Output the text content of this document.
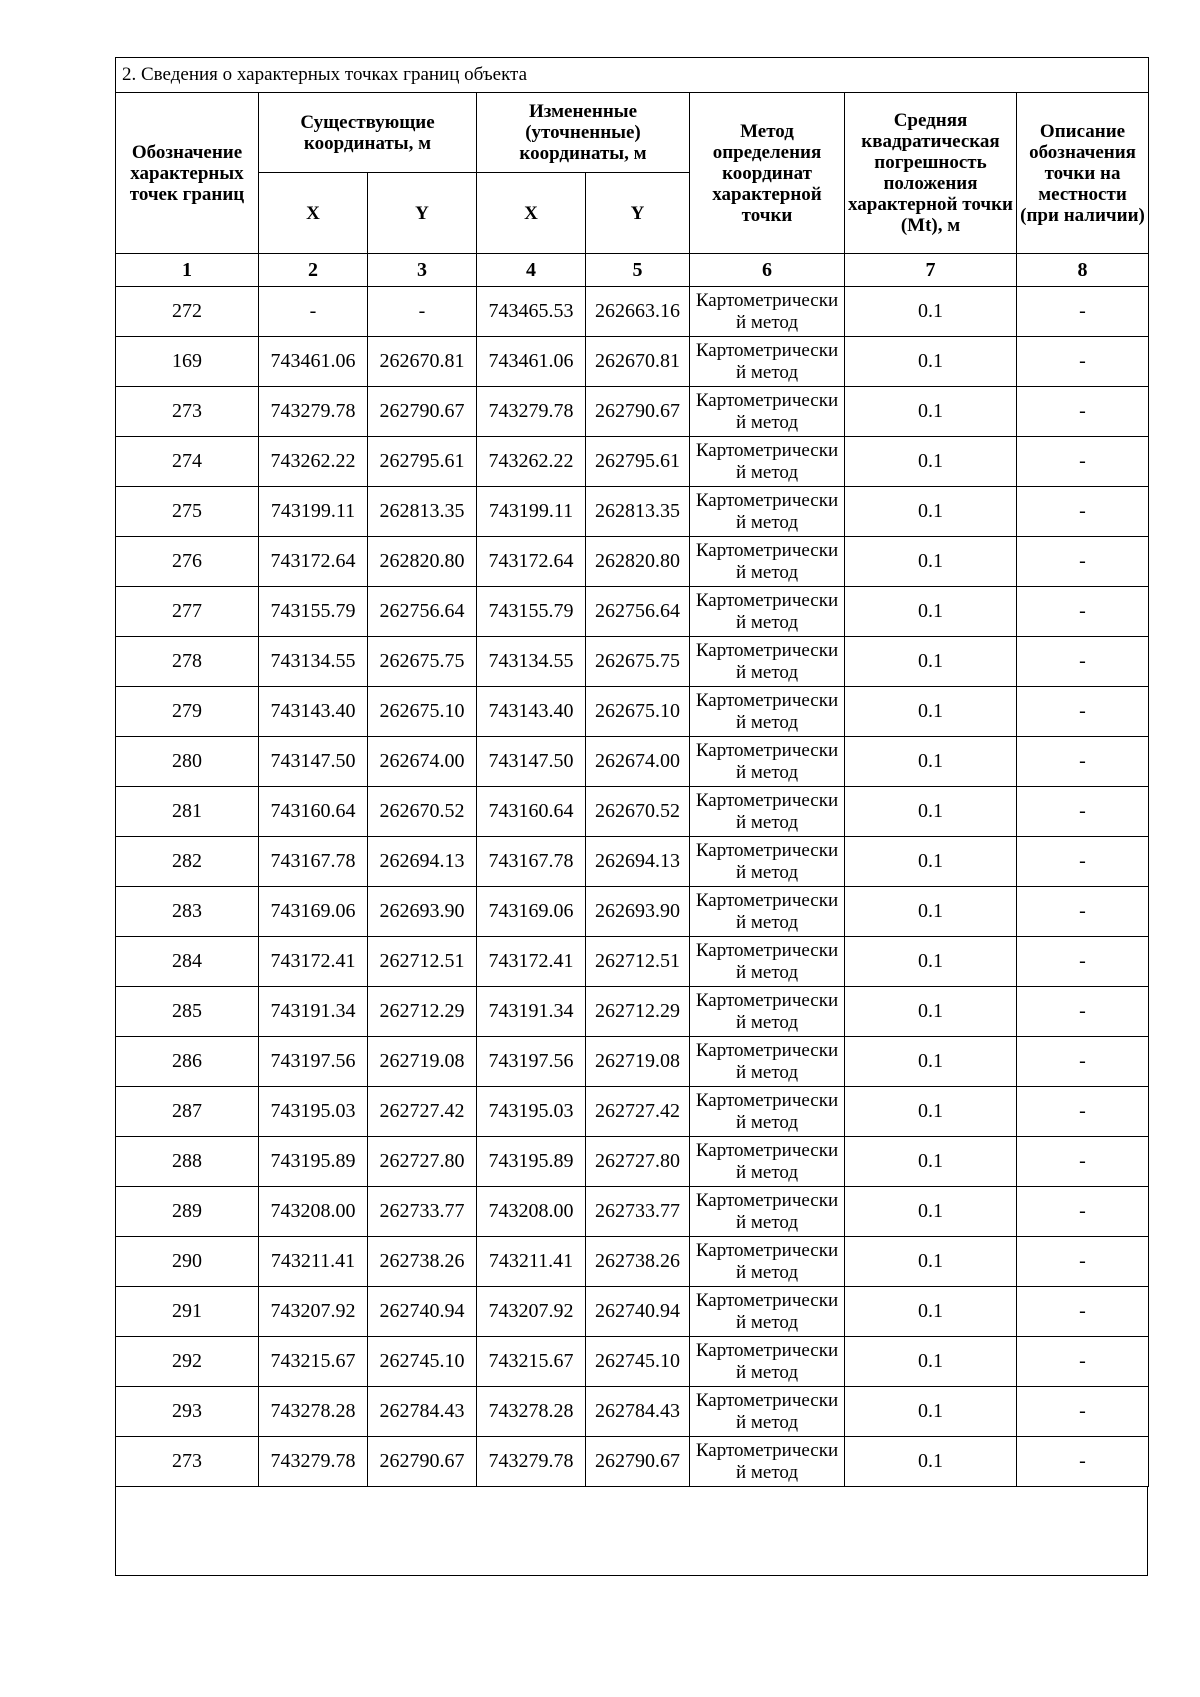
2. Сведения о характерных точках границ объекта							
Обозначение характерных точек границ	Существующие координаты, м		Измененные (уточненные) координаты, м		Метод определения координат характерной точки	Средняя квадратическая погрешность положения характерной точки (Mt), м	Описание обозначения точки на местности (при наличии)
	X	Y	X	Y			
1	2	3	4	5	6	7	8
272	-	-	743465.53	262663.16	Картометрический метод	0.1	-
169	743461.06	262670.81	743461.06	262670.81	Картометрический метод	0.1	-
273	743279.78	262790.67	743279.78	262790.67	Картометрический метод	0.1	-
274	743262.22	262795.61	743262.22	262795.61	Картометрический метод	0.1	-
275	743199.11	262813.35	743199.11	262813.35	Картометрический метод	0.1	-
276	743172.64	262820.80	743172.64	262820.80	Картометрический метод	0.1	-
277	743155.79	262756.64	743155.79	262756.64	Картометрический метод	0.1	-
278	743134.55	262675.75	743134.55	262675.75	Картометрический метод	0.1	-
279	743143.40	262675.10	743143.40	262675.10	Картометрический метод	0.1	-
280	743147.50	262674.00	743147.50	262674.00	Картометрический метод	0.1	-
281	743160.64	262670.52	743160.64	262670.52	Картометрический метод	0.1	-
282	743167.78	262694.13	743167.78	262694.13	Картометрический метод	0.1	-
283	743169.06	262693.90	743169.06	262693.90	Картометрический метод	0.1	-
284	743172.41	262712.51	743172.41	262712.51	Картометрический метод	0.1	-
285	743191.34	262712.29	743191.34	262712.29	Картометрический метод	0.1	-
286	743197.56	262719.08	743197.56	262719.08	Картометрический метод	0.1	-
287	743195.03	262727.42	743195.03	262727.42	Картометрический метод	0.1	-
288	743195.89	262727.80	743195.89	262727.80	Картометрический метод	0.1	-
289	743208.00	262733.77	743208.00	262733.77	Картометрический метод	0.1	-
290	743211.41	262738.26	743211.41	262738.26	Картометрический метод	0.1	-
291	743207.92	262740.94	743207.92	262740.94	Картометрический метод	0.1	-
292	743215.67	262745.10	743215.67	262745.10	Картометрический метод	0.1	-
293	743278.28	262784.43	743278.28	262784.43	Картометрический метод	0.1	-
273	743279.78	262790.67	743279.78	262790.67	Картометрический метод	0.1	-
